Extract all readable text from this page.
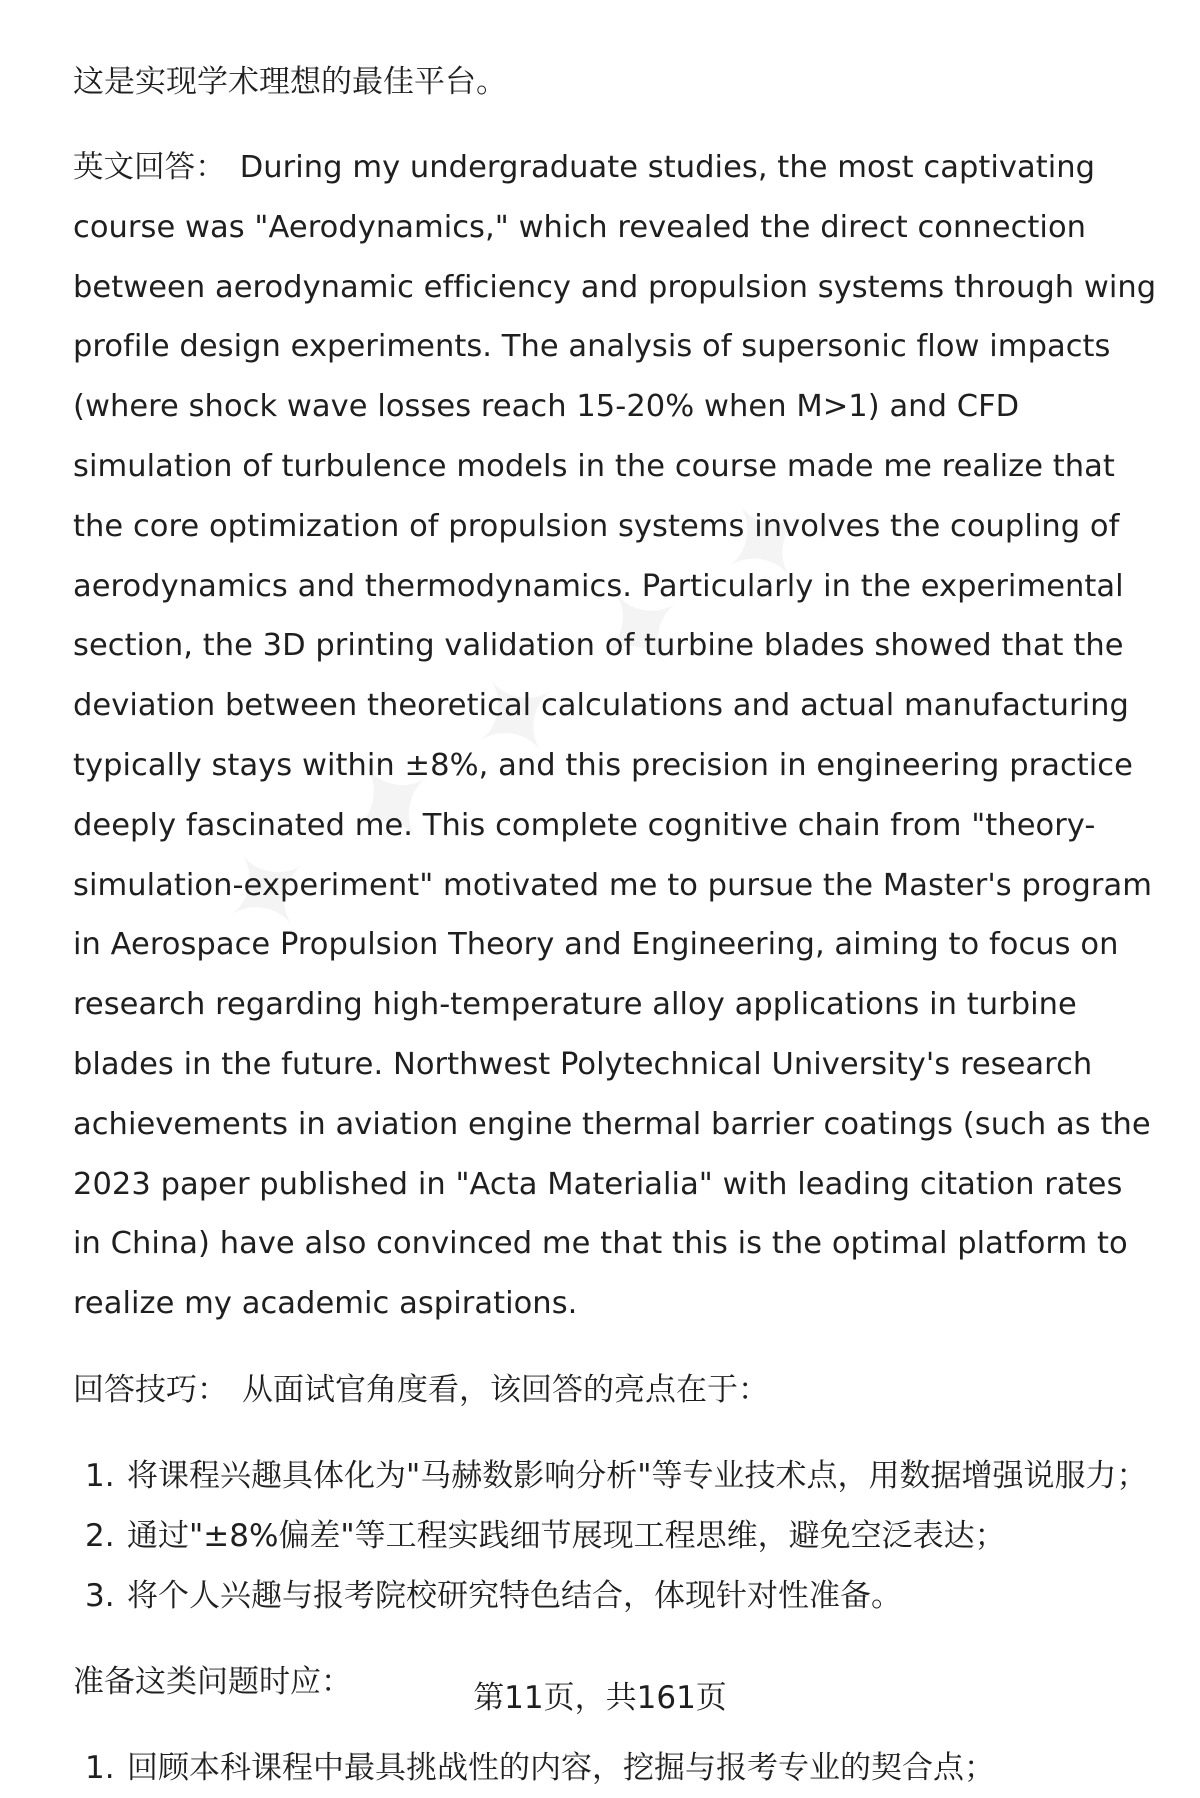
这是实现学术理想的最佳平台。

英文回答： During my undergraduate studies, the most captivating course was "Aerodynamics," which revealed the direct connection between aerodynamic efficiency and propulsion systems through wing profile design experiments. The analysis of supersonic flow impacts (where shock wave losses reach 15-20% when M>1) and CFD simulation of turbulence models in the course made me realize that the core optimization of propulsion systems involves the coupling of aerodynamics and thermodynamics. Particularly in the experimental section, the 3D printing validation of turbine blades showed that the deviation between theoretical calculations and actual manufacturing typically stays within ±8%, and this precision in engineering practice deeply fascinated me. This complete cognitive chain from "theory-simulation-experiment" motivated me to pursue the Master's program in Aerospace Propulsion Theory and Engineering, aiming to focus on research regarding high-temperature alloy applications in turbine blades in the future. Northwest Polytechnical University's research achievements in aviation engine thermal barrier coatings (such as the 2023 paper published in "Acta Materialia" with leading citation rates in China) have also convinced me that this is the optimal platform to realize my academic aspirations.

回答技巧： 从面试官角度看，该回答的亮点在于：

1. 将课程兴趣具体化为"马赫数影响分析"等专业技术点，用数据增强说服力；
2. 通过"±8%偏差"等工程实践细节展现工程思维，避免空泛表达；
3. 将个人兴趣与报考院校研究特色结合，体现针对性准备。

准备这类问题时应：

1. 回顾本科课程中最具挑战性的内容，挖掘与报考专业的契合点；
第11页，共161页
